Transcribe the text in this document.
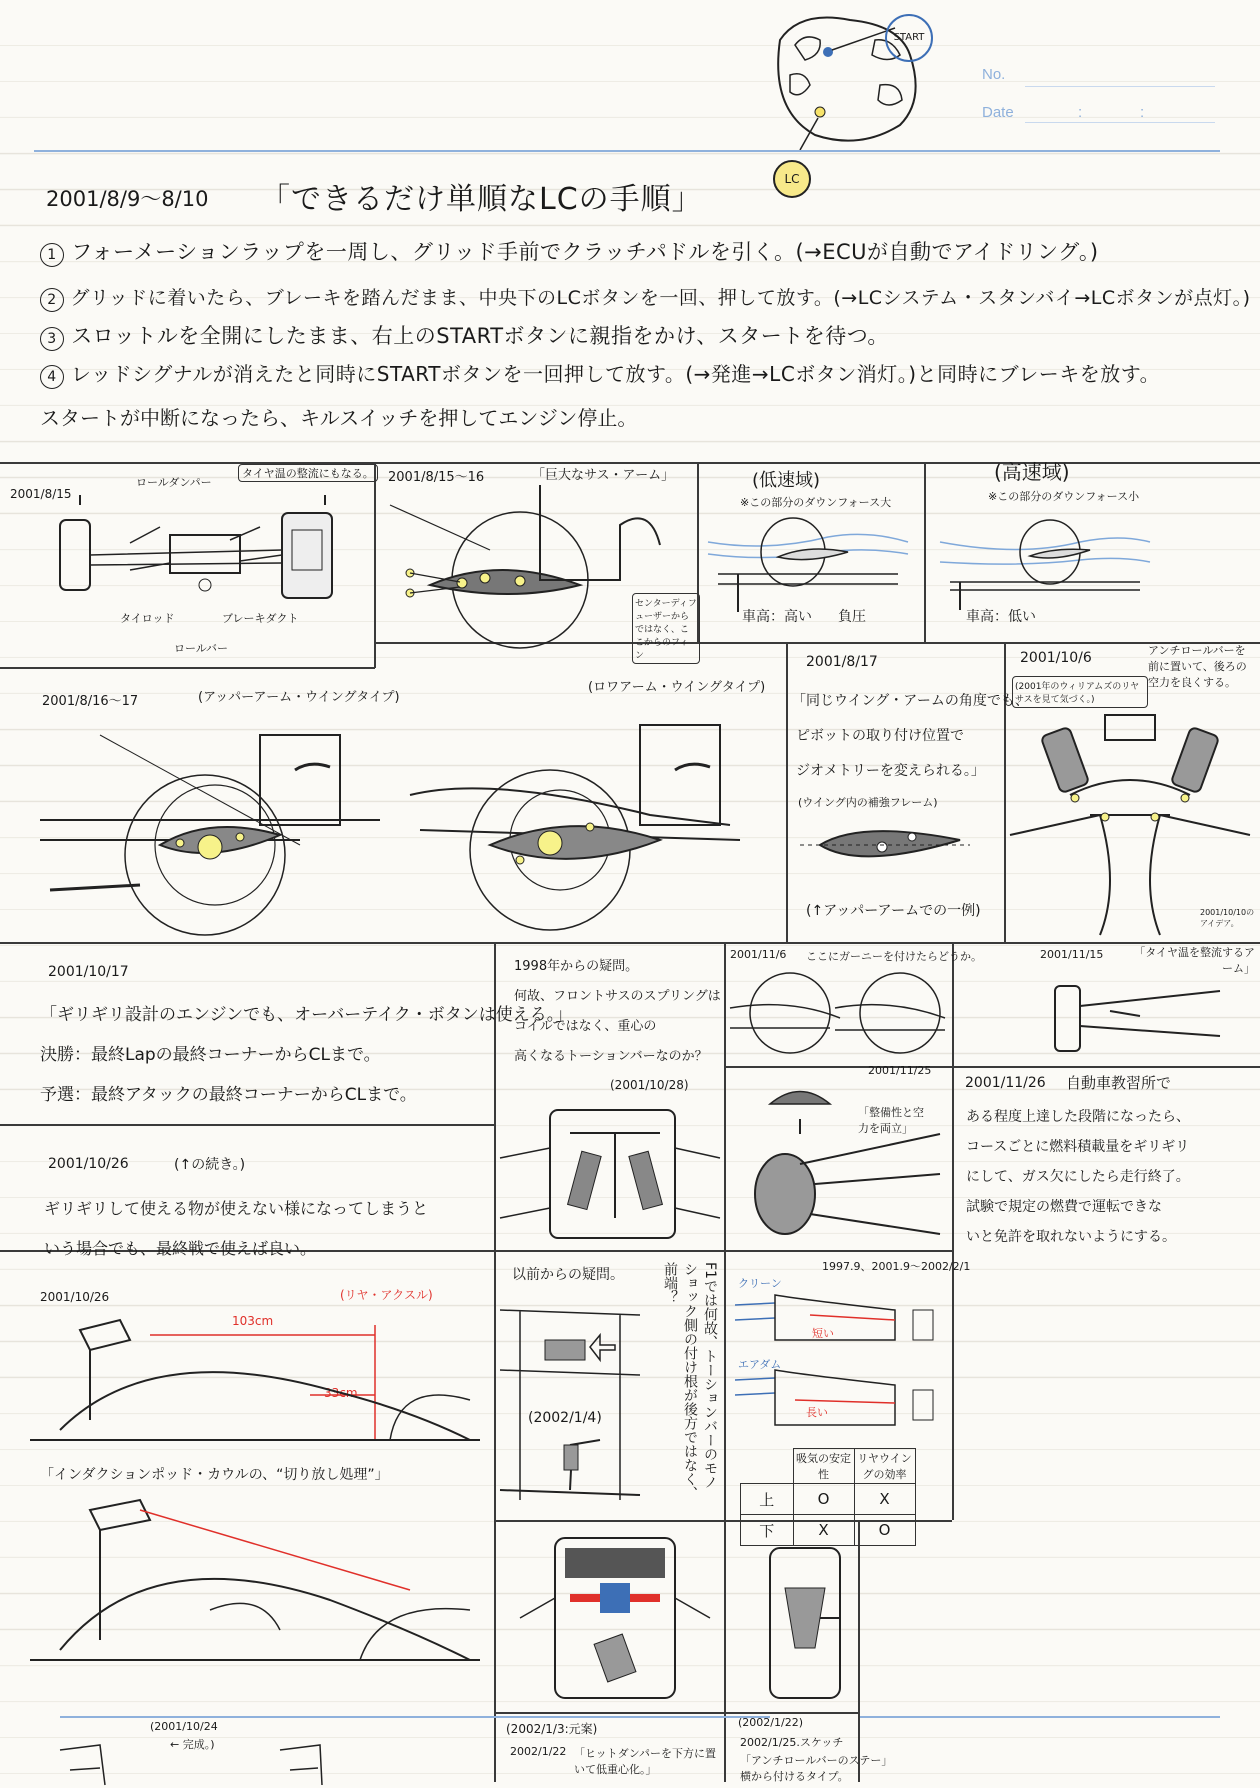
START
LC
No.
Date	:	:
2001/8/9～8/10 「できるだけ単順なLCの手順」
1 フォーメーションラップを一周し、グリッド手前でクラッチパドルを引く。(→ECUが自動でアイドリング。)
2 グリッドに着いたら、ブレーキを踏んだまま、中央下のLCボタンを一回、押して放す。(→LCシステム・スタンバイ→LCボタンが点灯。)
3 スロットルを全開にしたまま、右上のSTARTボタンに親指をかけ、スタートを待つ。
4 レッドシグナルが消えたと同時にSTARTボタンを一回押して放す。(→発進→LCボタン消灯。)と同時にブレーキを放す。
スタートが中断になったら、キルスイッチを押してエンジン停止。
2001/8/15
ロールダンパー
タイヤ温の整流にもなる。
タイロッド	ブレーキダクト
ロールバー
2001/8/15～16	「巨大なサス・アーム」
センターディフューザーからではなく、ここからのフィン
(低速域)
※この部分のダウンフォース大
車高：高い 負圧
(高速域)
※この部分のダウンフォース小
車高：低い
2001/8/16～17	(アッパーアーム・ウイングタイプ)
(ロワアーム・ウイングタイプ)
2001/8/17
「同じウイング・アームの角度でも、
ピボットの取り付け位置で
ジオメトリーを変えられる。」
(ウイング内の補強フレーム)
(↑アッパーアームでの一例)
2001/10/6	アンチロールバーを前に置いて、後ろの空力を良くする。
(2001年のウィリアムズのリヤサスを見て気づく。)
2001/10/10のアイデア。
2001/10/17
「ギリギリ設計のエンジンでも、オーバーテイク・ボタンは使える。」
決勝：最終Lapの最終コーナーからCLまで。
予選：最終アタックの最終コーナーからCLまで。
1998年からの疑問。
何故、フロントサスのスプリングは
コイルではなく、重心の
高くなるトーションバーなのか？
(2001/10/28)
2001/11/6 ここにガーニーを付けたらどうか。	2001/11/15	「タイヤ温を整流するアーム」
2001/11/25
「整備性と空力を両立」
2001/11/26 自動車教習所で
ある程度上達した段階になったら、
コースごとに燃料積載量をギリギリ
にして、ガス欠にしたら走行終了。
試験で規定の燃費で運転できな
いと免許を取れないようにする。
2001/10/26	(↑の続き。)
ギリギリして使える物が使えない様になってしまうと
いう場合でも、最終戦で使えば良い。
2001/10/26	(リヤ・アクスル)
103cm
33cm
「インダクションポッド・カウルの、“切り放し処理”」
以前からの疑問。	F1では何故、トーションバーのモノショック側の付け根が後方ではなく、前端？
(2002/1/4)
1997.9、2001.9～2002/2/1
クリーン
短い
エアダム
長い
	吸気の安定性	リヤウイングの効率
上	O	X
下	X	O
(2001/10/24
← 完成。)
(2002/1/3:元案)
2002/1/22 「ヒットダンパーを下方に置いて低重心化。」
(2002/1/22)
2002/1/25.スケッチ
「アンチロールバーのステー」
横から付けるタイプ。
